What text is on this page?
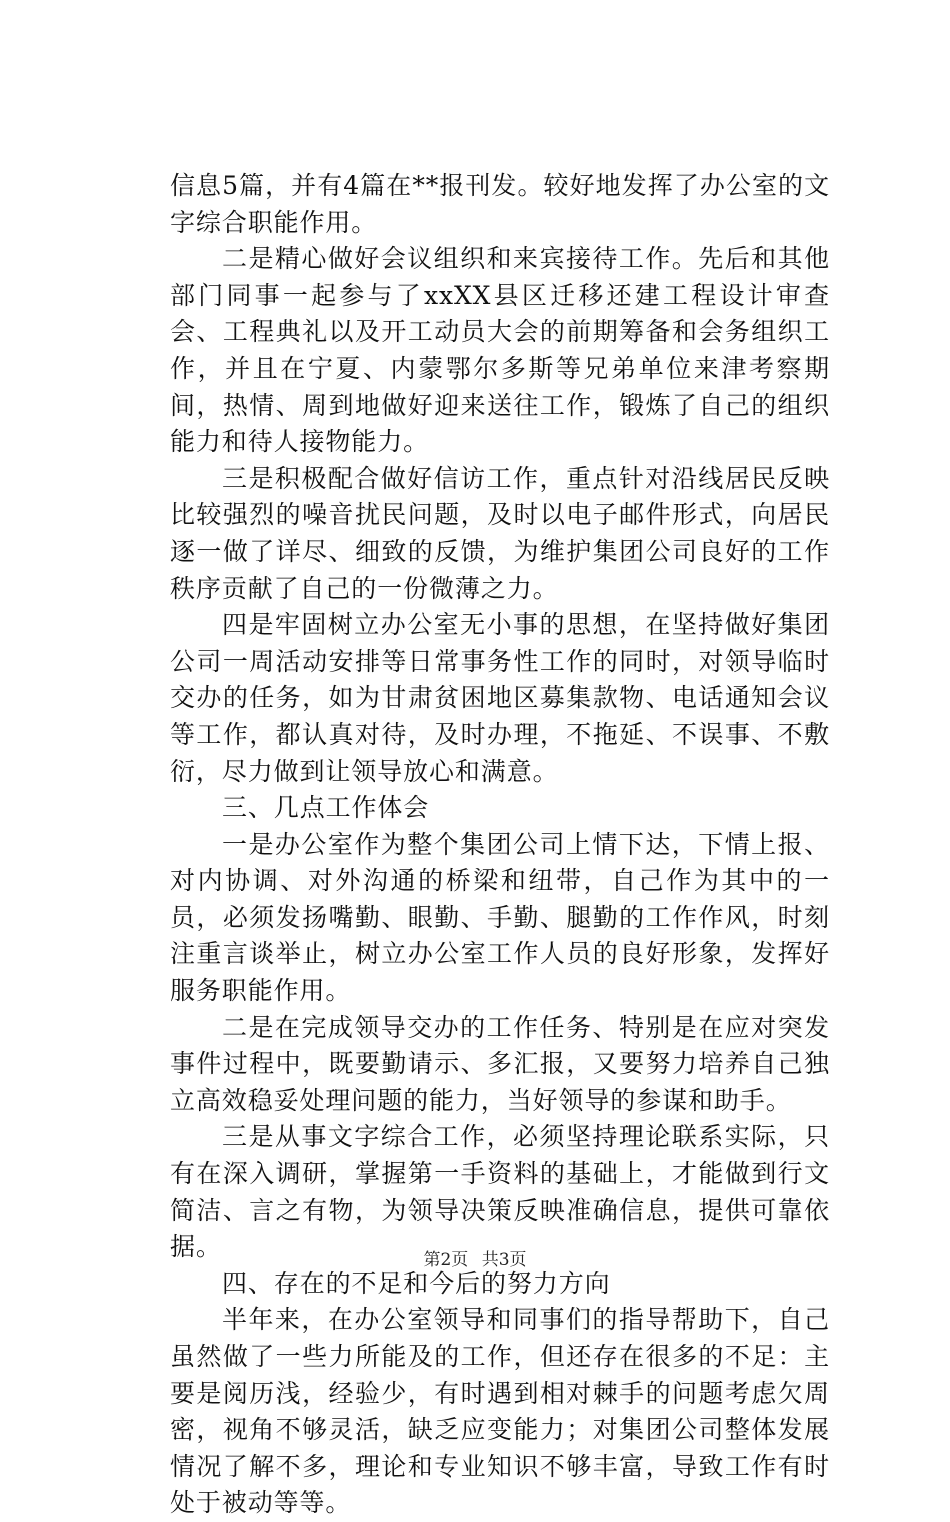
信息5篇，并有4篇在**报刊发。较好地发挥了办公室的文字综合职能作用。

二是精心做好会议组织和来宾接待工作。先后和其他部门同事一起参与了xxXX县区迁移还建工程设计审查会、工程典礼以及开工动员大会的前期筹备和会务组织工作，并且在宁夏、内蒙鄂尔多斯等兄弟单位来津考察期间，热情、周到地做好迎来送往工作，锻炼了自己的组织能力和待人接物能力。

三是积极配合做好信访工作，重点针对沿线居民反映比较强烈的噪音扰民问题，及时以电子邮件形式，向居民逐一做了详尽、细致的反馈，为维护集团公司良好的工作秩序贡献了自己的一份微薄之力。

四是牢固树立办公室无小事的思想，在坚持做好集团公司一周活动安排等日常事务性工作的同时，对领导临时交办的任务，如为甘肃贫困地区募集款物、电话通知会议等工作，都认真对待，及时办理，不拖延、不误事、不敷衍，尽力做到让领导放心和满意。

三、几点工作体会

一是办公室作为整个集团公司上情下达，下情上报、对内协调、对外沟通的桥梁和纽带，自己作为其中的一员，必须发扬嘴勤、眼勤、手勤、腿勤的工作作风，时刻注重言谈举止，树立办公室工作人员的良好形象，发挥好服务职能作用。

二是在完成领导交办的工作任务、特别是在应对突发事件过程中，既要勤请示、多汇报，又要努力培养自己独立高效稳妥处理问题的能力，当好领导的参谋和助手。

三是从事文字综合工作，必须坚持理论联系实际，只有在深入调研，掌握第一手资料的基础上，才能做到行文简洁、言之有物，为领导决策反映准确信息，提供可靠依据。

四、存在的不足和今后的努力方向

半年来，在办公室领导和同事们的指导帮助下，自己虽然做了一些力所能及的工作，但还存在很多的不足：主要是阅历浅，经验少，有时遇到相对棘手的问题考虑欠周密，视角不够灵活，缺乏应变能力；对集团公司整体发展情况了解不多，理论和专业知识不够丰富，导致工作有时处于被动等等。

第2页 共3页
